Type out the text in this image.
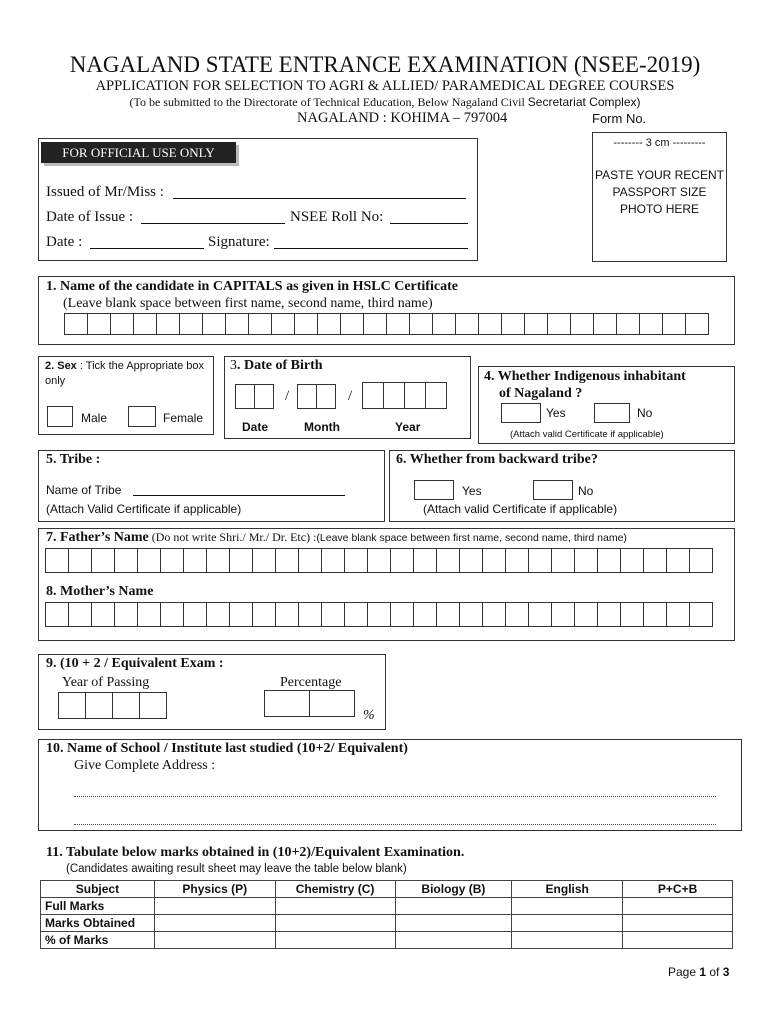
NAGALAND STATE ENTRANCE EXAMINATION (NSEE-2019)
APPLICATION FOR SELECTION TO AGRI & ALLIED/ PARAMEDICAL DEGREE COURSES
(To be submitted to the Directorate of Technical Education, Below Nagaland Civil Secretariat Complex)
NAGALAND : KOHIMA – 797004	Form No.
FOR OFFICIAL USE ONLY
Issued of Mr/Miss :
Date of Issue :	NSEE Roll No:
Date :	Signature:
-------- 3 cm ---------
PASTE YOUR RECENT
PASSPORT SIZE
PHOTO HERE
1. Name of the candidate in CAPITALS as given in HSLC Certificate
(Leave blank space between first name, second name, third name)
2. Sex : Tick the Appropriate box only
Male	Female
3. Date of Birth
/	/
Date	Month	Year
4. Whether Indigenous inhabitant
of Nagaland ?
Yes	No
(Attach valid Certificate if applicable)
5. Tribe :
Name of Tribe
(Attach Valid Certificate if applicable)
6. Whether from backward tribe?
Yes	No
(Attach valid Certificate if applicable)
7. Father’s Name (Do not write Shri./ Mr./ Dr. Etc) :(Leave blank space between first name, second name, third name)
8. Mother’s Name
9. (10 + 2 / Equivalent Exam :
Year of Passing	Percentage
%
10. Name of School / Institute last studied (10+2/ Equivalent)
Give Complete Address :
11. Tabulate below marks obtained in (10+2)/Equivalent Examination.
(Candidates awaiting result sheet may leave the table below blank)
Subject	Physics (P)	Chemistry (C)	Biology (B)	English	P+C+B
Full Marks					
Marks Obtained					
% of Marks					
Page 1 of 3
